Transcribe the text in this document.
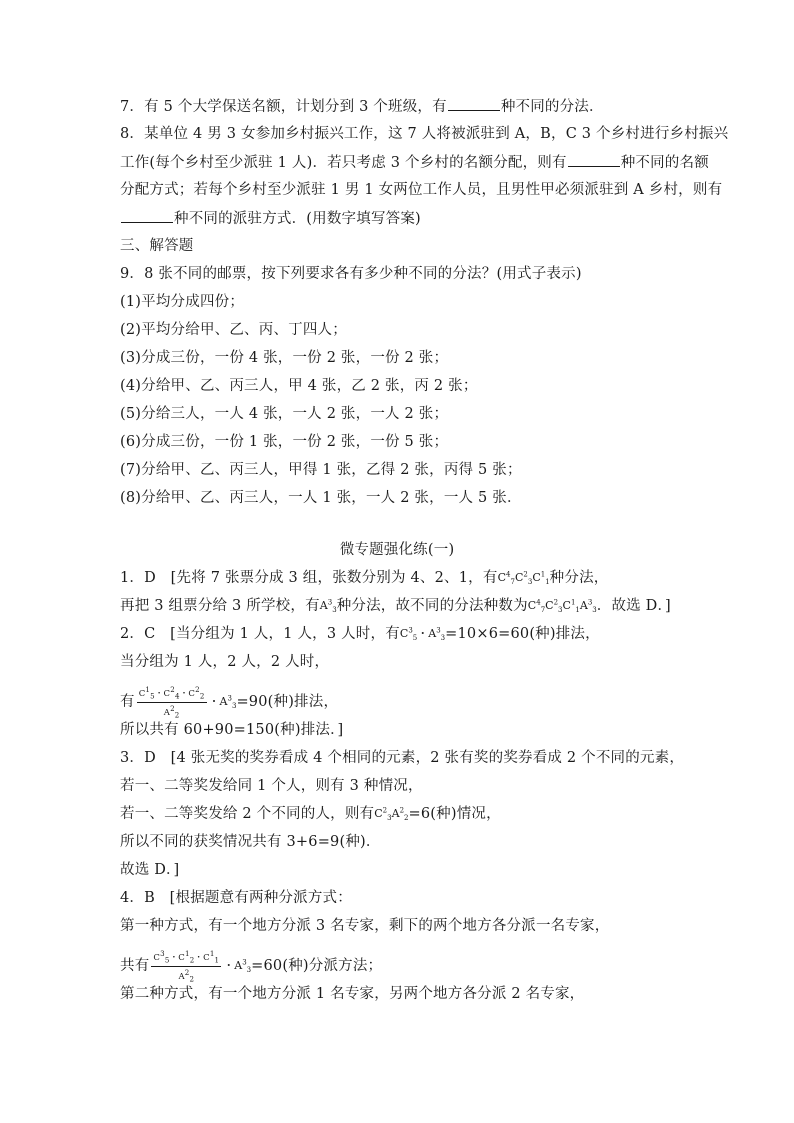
7．有 5 个大学保送名额，计划分到 3 个班级，有	种不同的分法．
8．某单位 4 男 3 女参加乡村振兴工作，这 7 人将被派驻到 A，B，C 3 个乡村进行乡村振兴
工作(每个乡村至少派驻 1 人)．若只考虑 3 个乡村的名额分配，则有	种不同的名额
分配方式；若每个乡村至少派驻 1 男 1 女两位工作人员，且男性甲必须派驻到 A 乡村，则有
种不同的派驻方式．(用数字填写答案)
三、解答题
9．8 张不同的邮票，按下列要求各有多少种不同的分法？(用式子表示)
(1)平均分成四份；
(2)平均分给甲、乙、丙、丁四人；
(3)分成三份，一份 4 张，一份 2 张，一份 2 张；
(4)分给甲、乙、丙三人，甲 4 张，乙 2 张，丙 2 张；
(5)分给三人，一人 4 张，一人 2 张，一人 2 张；
(6)分成三份，一份 1 张，一份 2 张，一份 5 张；
(7)分给甲、乙、丙三人，甲得 1 张，乙得 2 张，丙得 5 张；
(8)分给甲、乙、丙三人，一人 1 张，一人 2 张，一人 5 张．
微专题强化练(一)
1．D　[先将 7 张票分成 3 组，张数分别为 4、2、1，有$C^4_7C^2_3C^1_1$种分法，
再把 3 组票分给 3 所学校，有$A^3_3$种分法，故不同的分法种数为$C^4_7C^2_3C^1_1A^3_3$．故选 D．]
2．C　[当分组为 1 人，1 人，3 人时，有$C^3_5$・$A^3_3=10\times 6=60$(种)排法，
当分组为 1 人，2 人，2 人时，
有 $\frac{C^1_5・C^2_4・C^2_2}{A^2_2}$ ・$A^3_3=90$(种)排法，
所以共有 60+90=150(种)排法．]
3．D　[4 张无奖的奖券看成 4 个相同的元素，2 张有奖的奖券看成 2 个不同的元素，
若一、二等奖发给同 1 个人，则有 3 种情况，
若一、二等奖发给 2 个不同的人，则有$C^2_3A^2_2=6$(种)情况，
所以不同的获奖情况共有 3+6=9(种)．
故选 D．]
4．B　[根据题意有两种分派方式：
第一种方式，有一个地方分派 3 名专家，剩下的两个地方各分派一名专家，
共有 $\frac{C^3_5・C^1_2・C^1_1}{A^2_2}$ ・$A^3_3=60$(种)分派方法；
第二种方式，有一个地方分派 1 名专家，另两个地方各分派 2 名专家，
